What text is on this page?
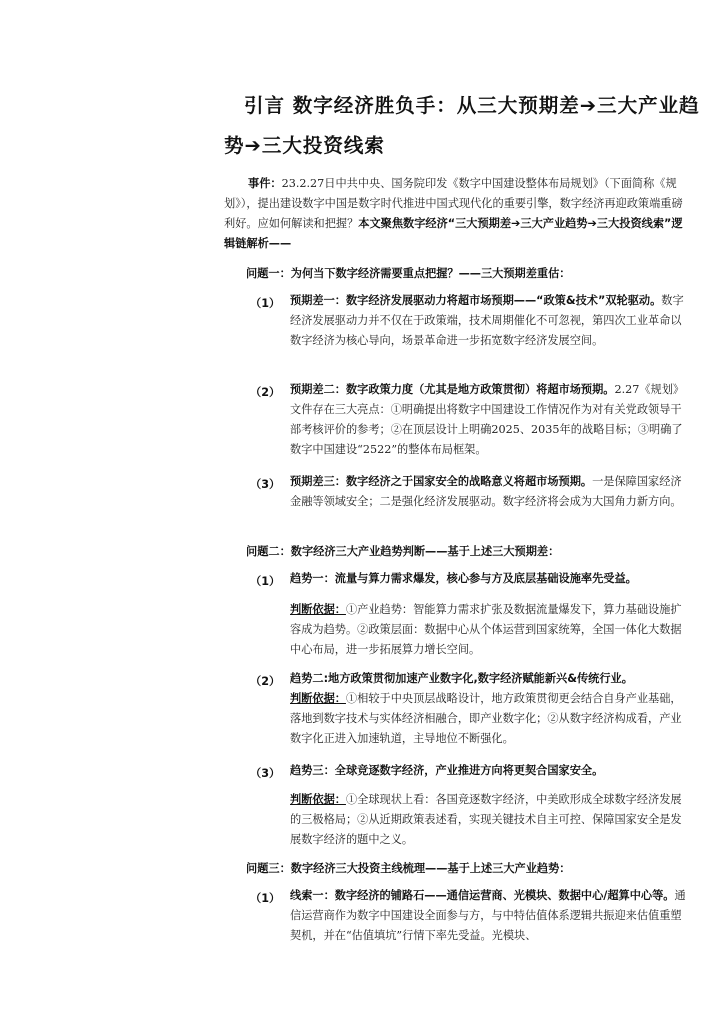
引言 数字经济胜负手：从三大预期差➔三大产业趋
势➔三大投资线索
事件：23.2.27日中共中央、国务院印发《数字中国建设整体布局规划》（下面简称《规划》），提出建设数字中国是数字时代推进中国式现代化的重要引擎，数字经济再迎政策端重磅利好。应如何解读和把握？本文聚焦数字经济“三大预期差➔三大产业趋势➔三大投资线索”逻辑链解析——
问题一：为何当下数字经济需要重点把握？——三大预期差重估：
（1） 预期差一：数字经济发展驱动力将超市场预期——“政策&技术”双轮驱动。数字经济发展驱动力并不仅在于政策端，技术周期催化不可忽视，第四次工业革命以数字经济为核心导向，场景革命进一步拓宽数字经济发展空间。
（2） 预期差二：数字政策力度（尤其是地方政策贯彻）将超市场预期。2.27《规划》文件存在三大亮点：①明确提出将数字中国建设工作情况作为对有关党政领导干部考核评价的参考；②在顶层设计上明确2025、2035年的战略目标；③明确了数字中国建设“2522”的整体布局框架。
（3） 预期差三：数字经济之于国家安全的战略意义将超市场预期。一是保障国家经济金融等领域安全；二是强化经济发展驱动。数字经济将会成为大国角力新方向。
问题二：数字经济三大产业趋势判断——基于上述三大预期差：
（1） 趋势一：流量与算力需求爆发，核心参与方及底层基础设施率先受益。
判断依据：①产业趋势：智能算力需求扩张及数据流量爆发下，算力基础设施扩容成为趋势。②政策层面：数据中心从个体运营到国家统筹，全国一体化大数据中心布局，进一步拓展算力增长空间。
（2） 趋势二:地方政策贯彻加速产业数字化,数字经济赋能新兴&传统行业。
判断依据：①相较于中央顶层战略设计，地方政策贯彻更会结合自身产业基础，落地到数字技术与实体经济相融合，即产业数字化；②从数字经济构成看，产业数字化正进入加速轨道，主导地位不断强化。
（3） 趋势三：全球竞逐数字经济，产业推进方向将更契合国家安全。
判断依据：①全球现状上看：各国竞逐数字经济，中美欧形成全球数字经济发展的三极格局；②从近期政策表述看，实现关键技术自主可控、保障国家安全是发展数字经济的题中之义。
问题三：数字经济三大投资主线梳理——基于上述三大产业趋势：
（1） 线索一：数字经济的铺路石——通信运营商、光模块、数据中心/超算中心等。通信运营商作为数字中国建设全面参与方，与中特估值体系逻辑共振迎来估值重塑契机，并在“估值填坑”行情下率先受益。光模块、
